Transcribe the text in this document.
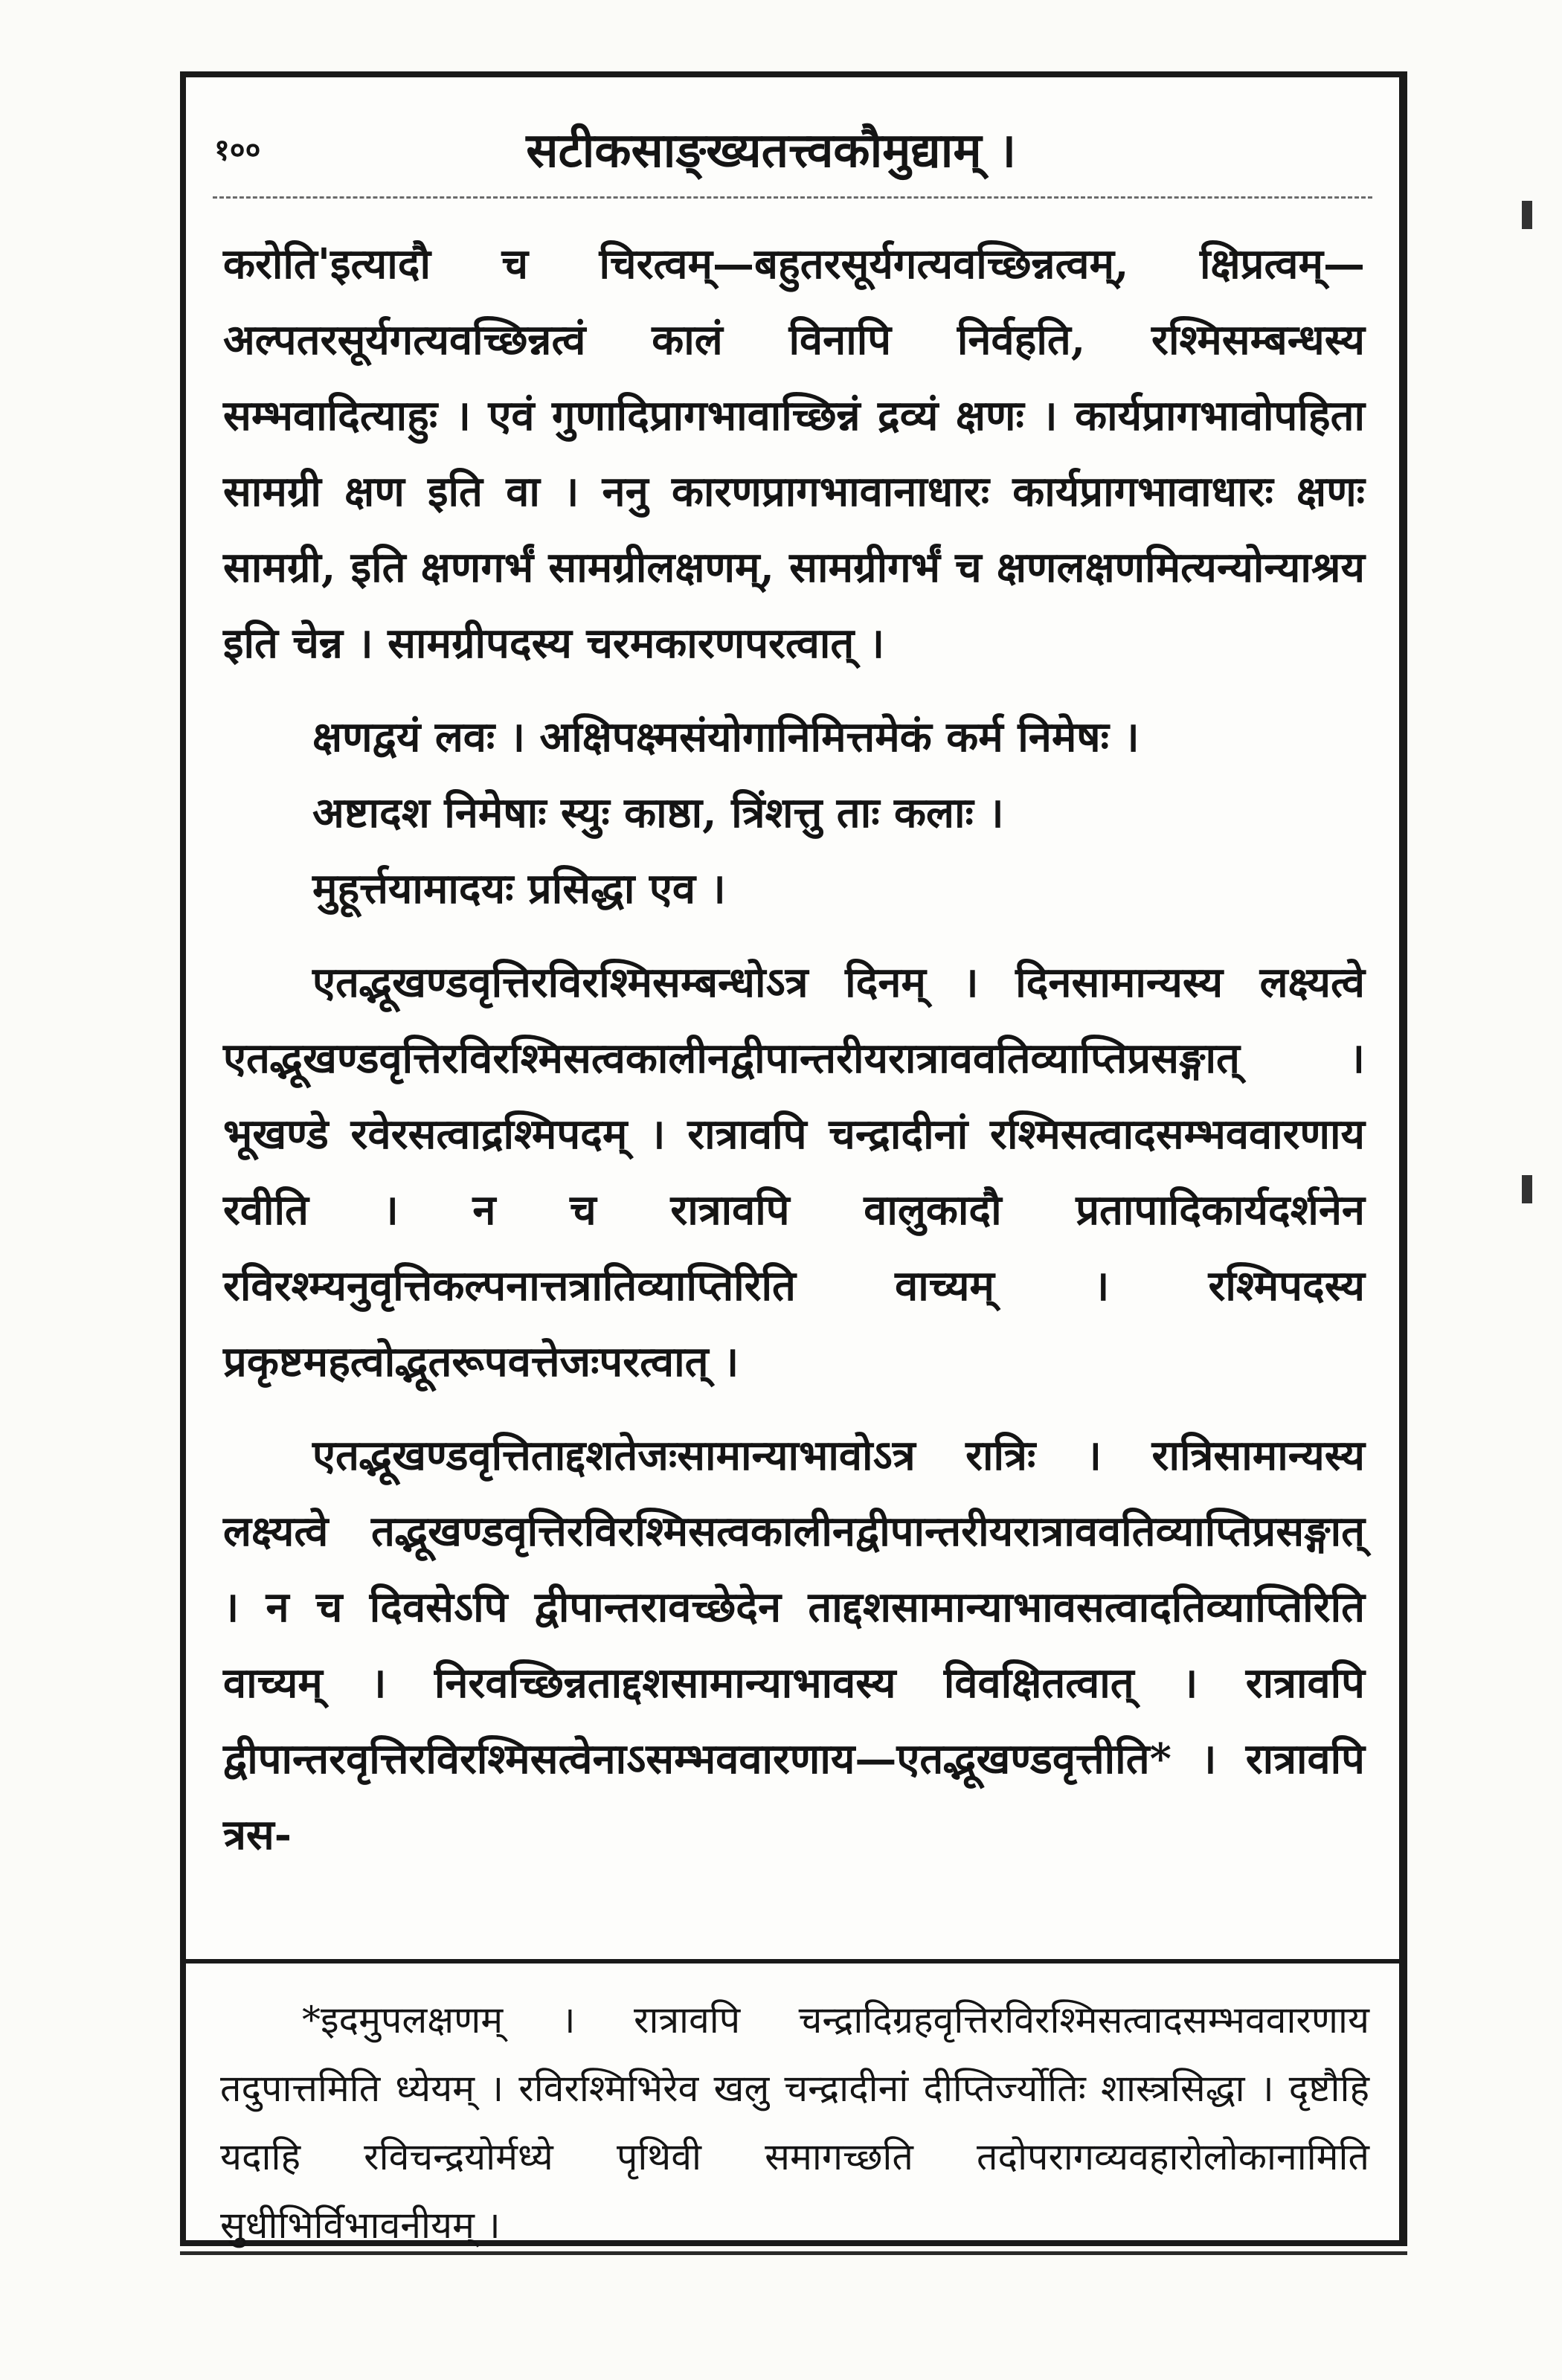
१००	सटीकसाङ्ख्यतत्त्वकौमुद्याम् ।

करोति'इत्यादौ च चिरत्वम्—बहुतरसूर्यगत्यवच्छिन्नत्वम्, क्षिप्रत्वम्—अल्पतरसूर्यगत्यवच्छिन्नत्वं कालं विनापि निर्वहति, रश्मिसम्बन्धस्य सम्भवादित्याहुः । एवं गुणादिप्रागभावाच्छिन्नं द्रव्यं क्षणः । कार्यप्रागभावोपहिता सामग्री क्षण इति वा । ननु कारणप्रागभावानाधारः कार्यप्रागभावाधारः क्षणः सामग्री, इति क्षणगर्भं सामग्रीलक्षणम्, सामग्रीगर्भं च क्षणलक्षणमित्यन्योन्याश्रय इति चेन्न । सामग्रीपदस्य चरमकारणपरत्वात् ।

क्षणद्वयं लवः । अक्षिपक्ष्मसंयोगानिमित्तमेकं कर्म निमेषः ।

अष्टादश निमेषाः स्युः काष्ठा, त्रिंशत्तु ताः कलाः ।

मुहूर्त्तयामादयः प्रसिद्धा एव ।

एतद्भूखण्डवृत्तिरविरश्मिसम्बन्धोऽत्र दिनम् । दिनसामान्यस्य लक्ष्यत्वे एतद्भूखण्डवृत्तिरविरश्मिसत्वकालीनद्वीपान्तरीयरात्राववतिव्याप्तिप्रसङ्गात् । भूखण्डे रवेरसत्वाद्रश्मिपदम् । रात्रावपि चन्द्रादीनां रश्मिसत्वादसम्भववारणाय रवीति । न च रात्रावपि वालुकादौ प्रतापादिकार्यदर्शनेन रविरश्म्यनुवृत्तिकल्पनात्तत्रातिव्याप्तिरिति वाच्यम् । रश्मिपदस्य प्रकृष्टमहत्वोद्भूतरूपवत्तेजःपरत्वात् ।

एतद्भूखण्डवृत्तिताद्दशतेजःसामान्याभावोऽत्र रात्रिः । रात्रिसामान्यस्य लक्ष्यत्वे तद्भूखण्डवृत्तिरविरश्मिसत्वकालीनद्वीपान्तरीयरात्राववतिव्याप्तिप्रसङ्गात् । न च दिवसेऽपि द्वीपान्तरावच्छेदेन ताद्दशसामान्याभावसत्वादतिव्याप्तिरिति वाच्यम् । निरवच्छिन्नताद्दशसामान्याभावस्य विवक्षितत्वात् । रात्रावपि द्वीपान्तरवृत्तिरविरश्मिसत्वेनाऽसम्भववारणाय—एतद्भूखण्डवृत्तीति* । रात्रावपि त्रस-

*इदमुपलक्षणम् । रात्रावपि चन्द्रादिग्रहवृत्तिरविरश्मिसत्वादसम्भववारणाय तदुपात्तमिति ध्येयम् । रविरश्मिभिरेव खलु चन्द्रादीनां दीप्तिर्ज्योतिः शास्त्रसिद्धा । दृष्टौहि यदाहि रविचन्द्रयोर्मध्ये पृथिवी समागच्छति तदोपरागव्यवहारोलोकानामिति सुधीभिर्विभावनीयम् ।
